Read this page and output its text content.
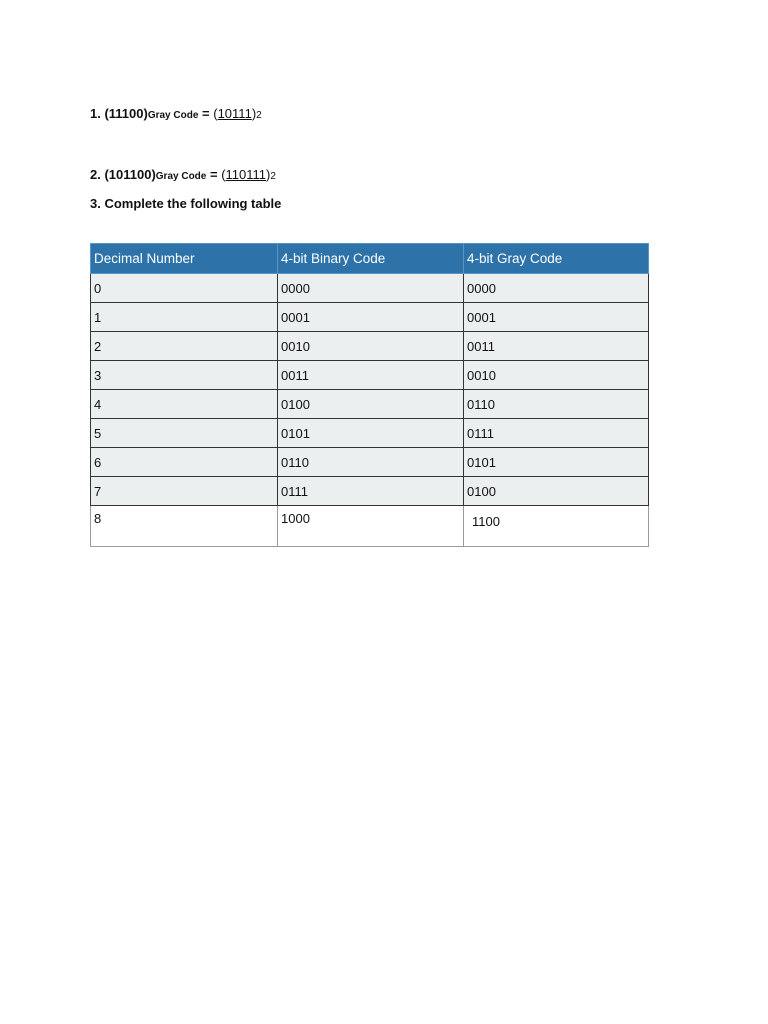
1. (11100)Gray Code = (10111)2
2. (101100)Gray Code = (110111)2
3. Complete the following table
Decimal Number	4-bit Binary Code	4-bit Gray Code
0	0000	0000
1	0001	0001
2	0010	0011
3	0011	0010
4	0100	0110
5	0101	0111
6	0110	0101
7	0111	0100
8	1000	1100
